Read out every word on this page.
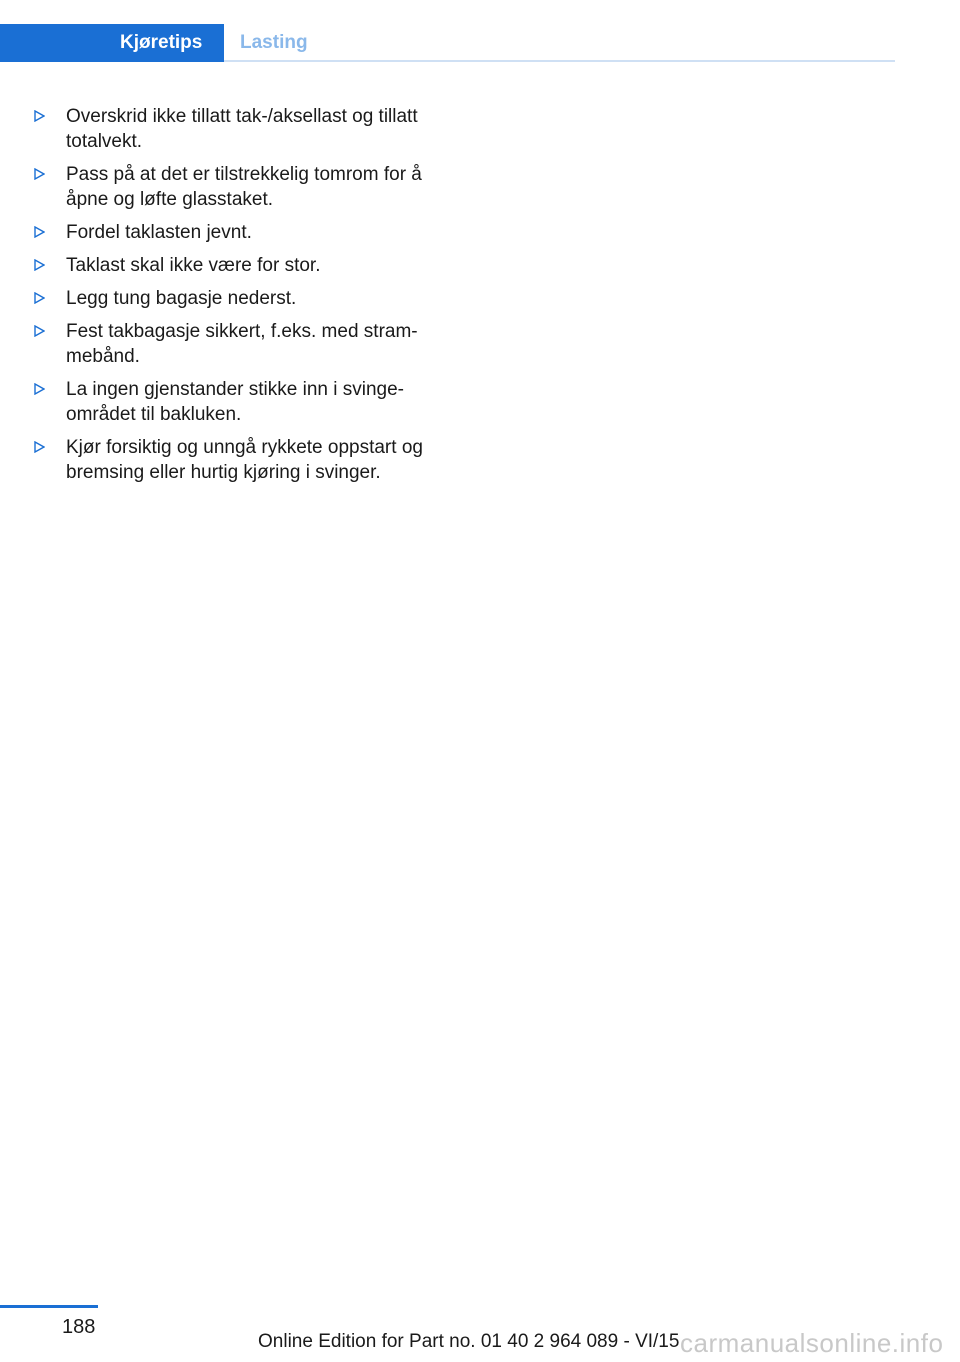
Kjøretips	Lasting
Overskrid ikke tillatt tak-/aksellast og tillatt totalvekt.
Pass på at det er tilstrekkelig tomrom for å åpne og løfte glasstaket.
Fordel taklasten jevnt.
Taklast skal ikke være for stor.
Legg tung bagasje nederst.
Fest takbagasje sikkert, f.eks. med stram- mebånd.
La ingen gjenstander stikke inn i svinge- området til bakluken.
Kjør forsiktig og unngå rykkete oppstart og bremsing eller hurtig kjøring i svinger.
188
Online Edition for Part no. 01 40 2 964 089 - VI/15 carmanualsonline.info
